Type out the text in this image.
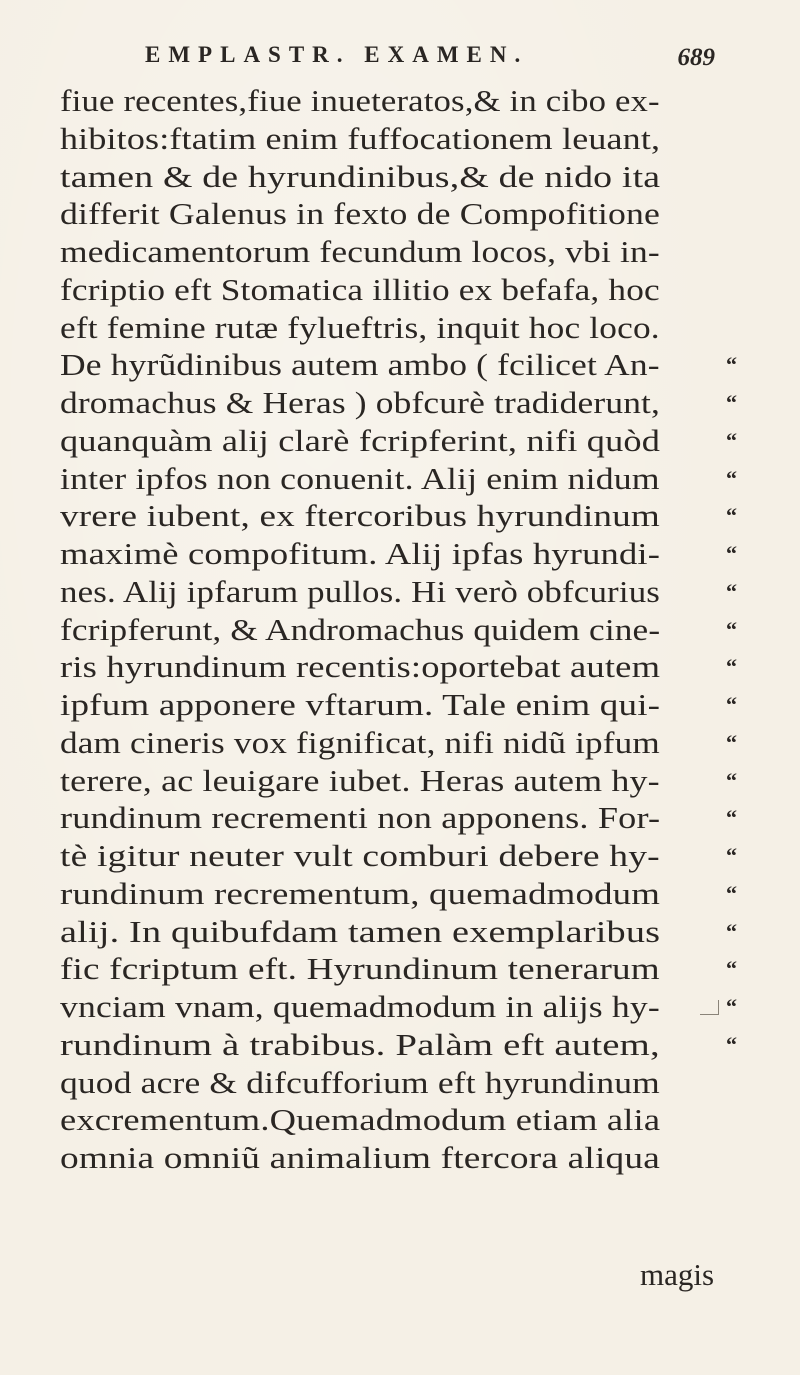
EMPLASTR. EXAMEN.	689
fiue recentes,fiue inueteratos,& in cibo ex-
hibitos:ftatim enim fuffocationem leuant,
tamen & de hyrundinibus,& de nido ita
differit Galenus in fexto de Compofitione
medicamentorum fecundum locos, vbi in-
fcriptio eft Stomatica illitio ex befafa, hoc
eft femine rutæ fylueftris, inquit hoc loco.
De hyrũdinibus autem ambo ( fcilicet An-	“
dromachus & Heras ) obfcurè tradiderunt,	“
quanquàm alij clarè fcripferint, nifi quòd	“
inter ipfos non conuenit. Alij enim nidum	“
vrere iubent, ex ftercoribus hyrundinum	“
maximè compofitum. Alij ipfas hyrundi-	“
nes. Alij ipfarum pullos. Hi verò obfcurius	“
fcripferunt, & Andromachus quidem cine-	“
ris hyrundinum recentis:oportebat autem	“
ipfum apponere vftarum. Tale enim qui-	“
dam cineris vox fignificat, nifi nidũ ipfum	“
terere, ac leuigare iubet. Heras autem hy-	“
rundinum recrementi non apponens. For-	“
tè igitur neuter vult comburi debere hy-	“
rundinum recrementum, quemadmodum	“
alij. In quibufdam tamen exemplaribus	“
fic fcriptum eft. Hyrundinum tenerarum	“
vnciam vnam, quemadmodum in alijs hy-	“
rundinum à trabibus. Palàm eft autem,	“
quod acre & difcufforium eft hyrundinum
excrementum.Quemadmodum etiam alia
omnia omniũ animalium ftercora aliqua
magis
